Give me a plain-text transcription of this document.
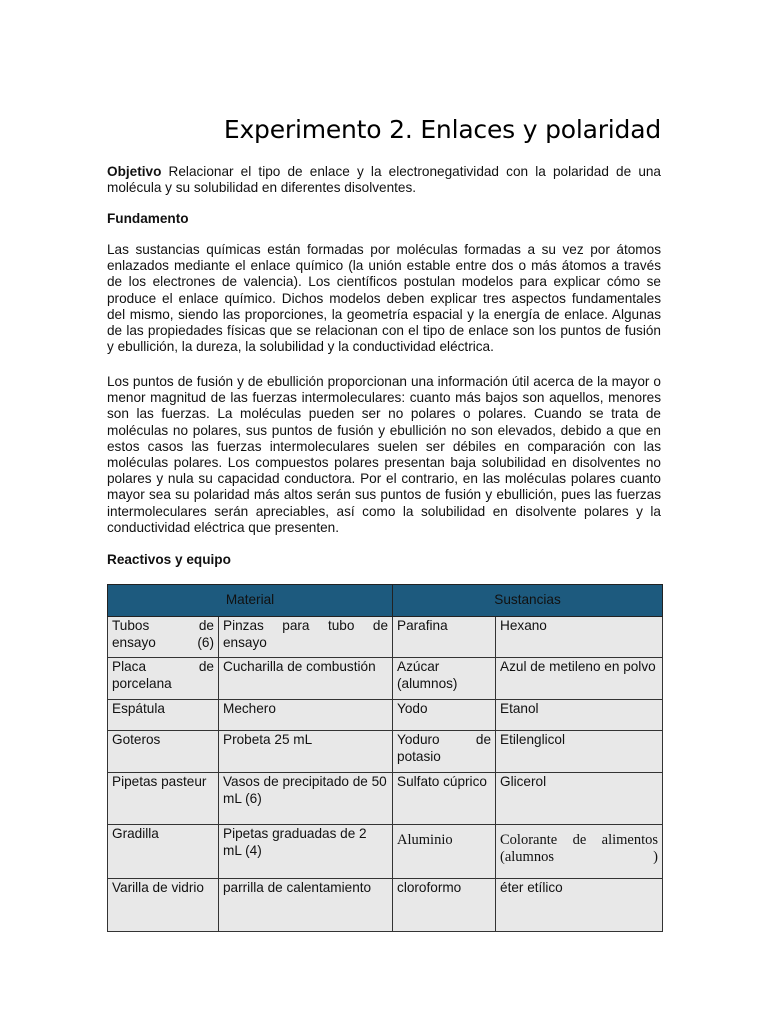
Experimento 2. Enlaces y polaridad

Objetivo Relacionar el tipo de enlace y la electronegatividad con la polaridad de una molécula y su solubilidad en diferentes disolventes.

Fundamento

Las sustancias químicas están formadas por moléculas formadas a su vez por átomos enlazados mediante el enlace químico (la unión estable entre dos o más átomos a través de los electrones de valencia). Los científicos postulan modelos para explicar cómo se produce el enlace químico. Dichos modelos deben explicar tres aspectos fundamentales del mismo, siendo las proporciones, la geometría espacial y la energía de enlace. Algunas de las propiedades físicas que se relacionan con el tipo de enlace son los puntos de fusión y ebullición, la dureza, la solubilidad y la conductividad eléctrica.

Los puntos de fusión y de ebullición proporcionan una información útil acerca de la mayor o menor magnitud de las fuerzas intermoleculares: cuanto más bajos son aquellos, menores son las fuerzas. La moléculas pueden ser no polares o polares. Cuando se trata de moléculas no polares, sus puntos de fusión y ebullición no son elevados, debido a que en estos casos las fuerzas intermoleculares suelen ser débiles en comparación con las moléculas polares. Los compuestos polares presentan baja solubilidad en disolventes no polares y nula su capacidad conductora. Por el contrario, en las moléculas polares cuanto mayor sea su polaridad más altos serán sus puntos de fusión y ebullición, pues las fuerzas intermoleculares serán apreciables, así como la solubilidad en disolvente polares y la conductividad eléctrica que presenten.

Reactivos y equipo

Material		Sustancias	
Tubos de ensayo (6)	Pinzas para tubo de ensayo	Parafina	Hexano
Placa de porcelana	Cucharilla de combustión	Azúcar (alumnos)	Azul de metileno en polvo
Espátula	Mechero	Yodo	Etanol
Goteros	Probeta 25 mL	Yoduro de potasio	Etilenglicol
Pipetas pasteur	Vasos de precipitado de 50 mL (6)	Sulfato cúprico	Glicerol
Gradilla	Pipetas graduadas de 2 mL (4)	Aluminio	Colorante de alimentos (alumnos )
Varilla de vidrio	parrilla de calentamiento	cloroformo	éter etílico
